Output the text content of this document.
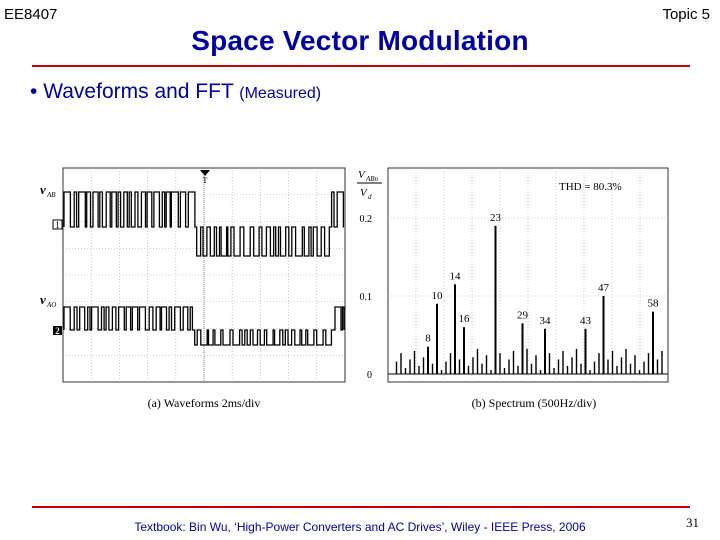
EE8407	Topic 5
Space Vector Modulation
• Waveforms and FFT (Measured)
T
v AB
v AO
1
2
(a) Waveforms 2ms/div
V ABn
V d
0.2
0.1
0
THD = 80.3%
8
10
14
16
23
29 34	43
47
58
(b) Spectrum (500Hz/div)
Textbook: Bin Wu, ‘High-Power Converters and AC Drives’, Wiley - IEEE Press, 2006	31
